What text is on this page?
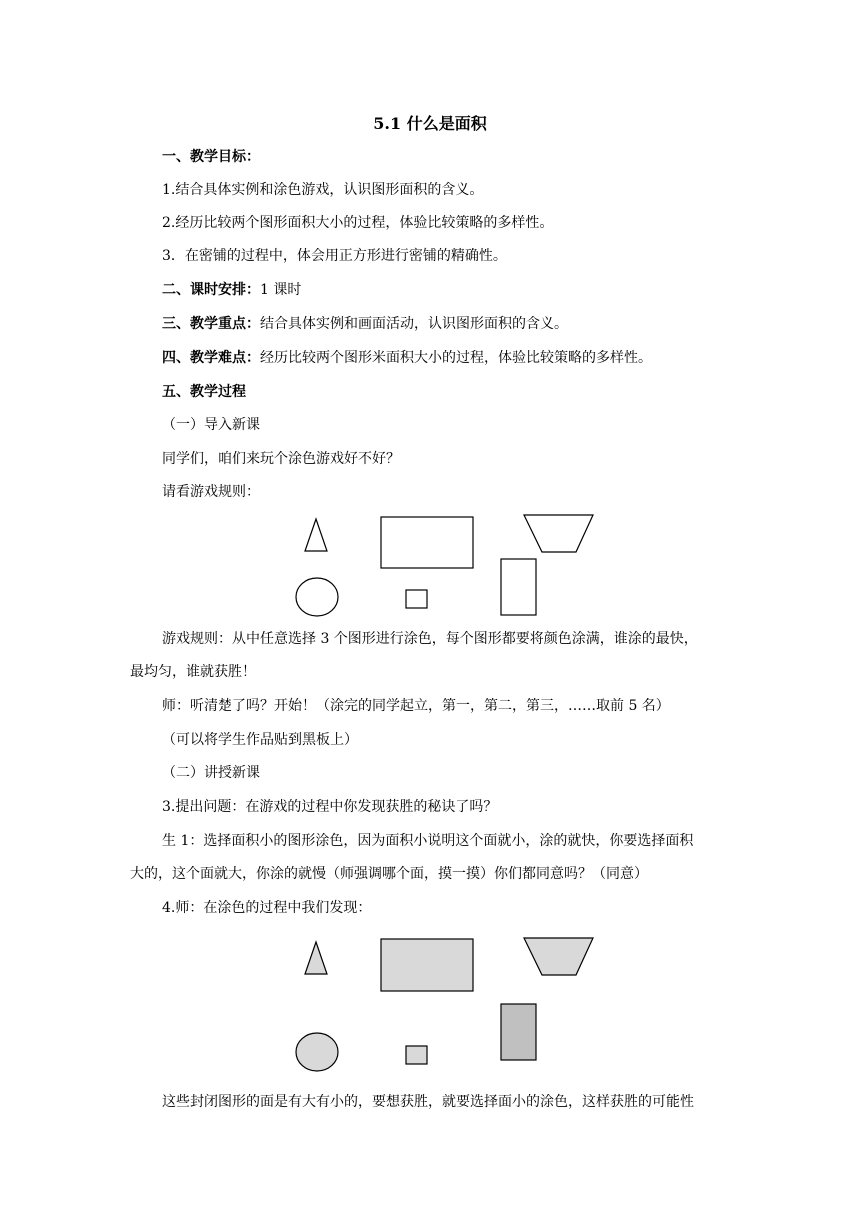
5.1 什么是面积
一、教学目标：
1.结合具体实例和涂色游戏，认识图形面积的含义。
2.经历比较两个图形面积大小的过程，体验比较策略的多样性。
3．在密铺的过程中，体会用正方形进行密铺的精确性。
二、课时安排：1 课时
三、教学重点：结合具体实例和画面活动，认识图形面积的含义。
四、教学难点：经历比较两个图形米面积大小的过程，体验比较策略的多样性。
五、教学过程
（一）导入新课
同学们，咱们来玩个涂色游戏好不好？
请看游戏规则：
游戏规则：从中任意选择 3 个图形进行涂色，每个图形都要将颜色涂满，谁涂的最快，
最均匀，谁就获胜！
师：听清楚了吗？开始！（涂完的同学起立，第一，第二，第三，……取前 5 名）
（可以将学生作品贴到黑板上）
（二）讲授新课
3.提出问题：在游戏的过程中你发现获胜的秘诀了吗？
生 1：选择面积小的图形涂色，因为面积小说明这个面就小，涂的就快，你要选择面积
大的，这个面就大，你涂的就慢（师强调哪个面，摸一摸）你们都同意吗？（同意）
4.师：在涂色的过程中我们发现：
这些封闭图形的面是有大有小的，要想获胜，就要选择面小的涂色，这样获胜的可能性
